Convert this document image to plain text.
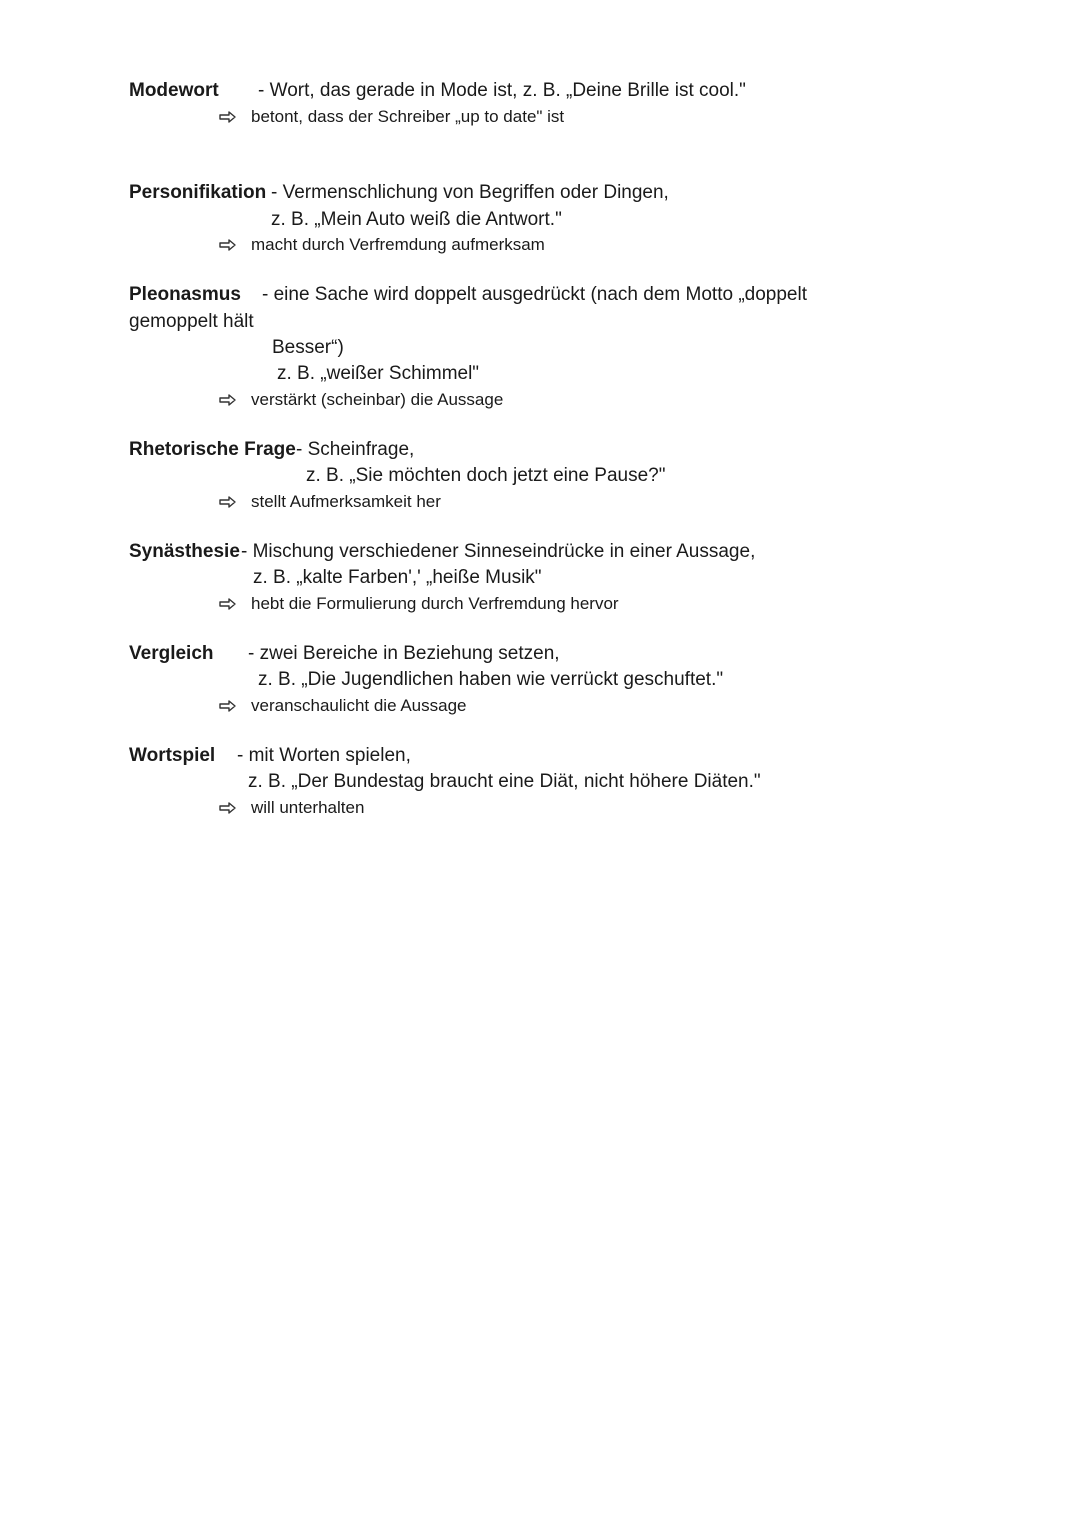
Modewort - Wort, das gerade in Mode ist, z. B. „Deine Brille ist cool."
betont, dass der Schreiber „up to date" ist
Personifikation - Vermenschlichung von Begriffen oder Dingen,
z. B. „Mein Auto weiß die Antwort."
macht durch Verfremdung aufmerksam
Pleonasmus - eine Sache wird doppelt ausgedrückt (nach dem Motto „doppelt
gemoppelt hält
Besser“)
z. B. „weißer Schimmel"
verstärkt (scheinbar) die Aussage
Rhetorische Frage - Scheinfrage,
z. B. „Sie möchten doch jetzt eine Pause?"
stellt Aufmerksamkeit her
Synästhesie - Mischung verschiedener Sinneseindrücke in einer Aussage,
z. B. „kalte Farben',' „heiße Musik"
hebt die Formulierung durch Verfremdung hervor
Vergleich - zwei Bereiche in Beziehung setzen,
z. B. „Die Jugendlichen haben wie verrückt geschuftet."
veranschaulicht die Aussage
Wortspiel - mit Worten spielen,
z. B. „Der Bundestag braucht eine Diät, nicht höhere Diäten."
will unterhalten
